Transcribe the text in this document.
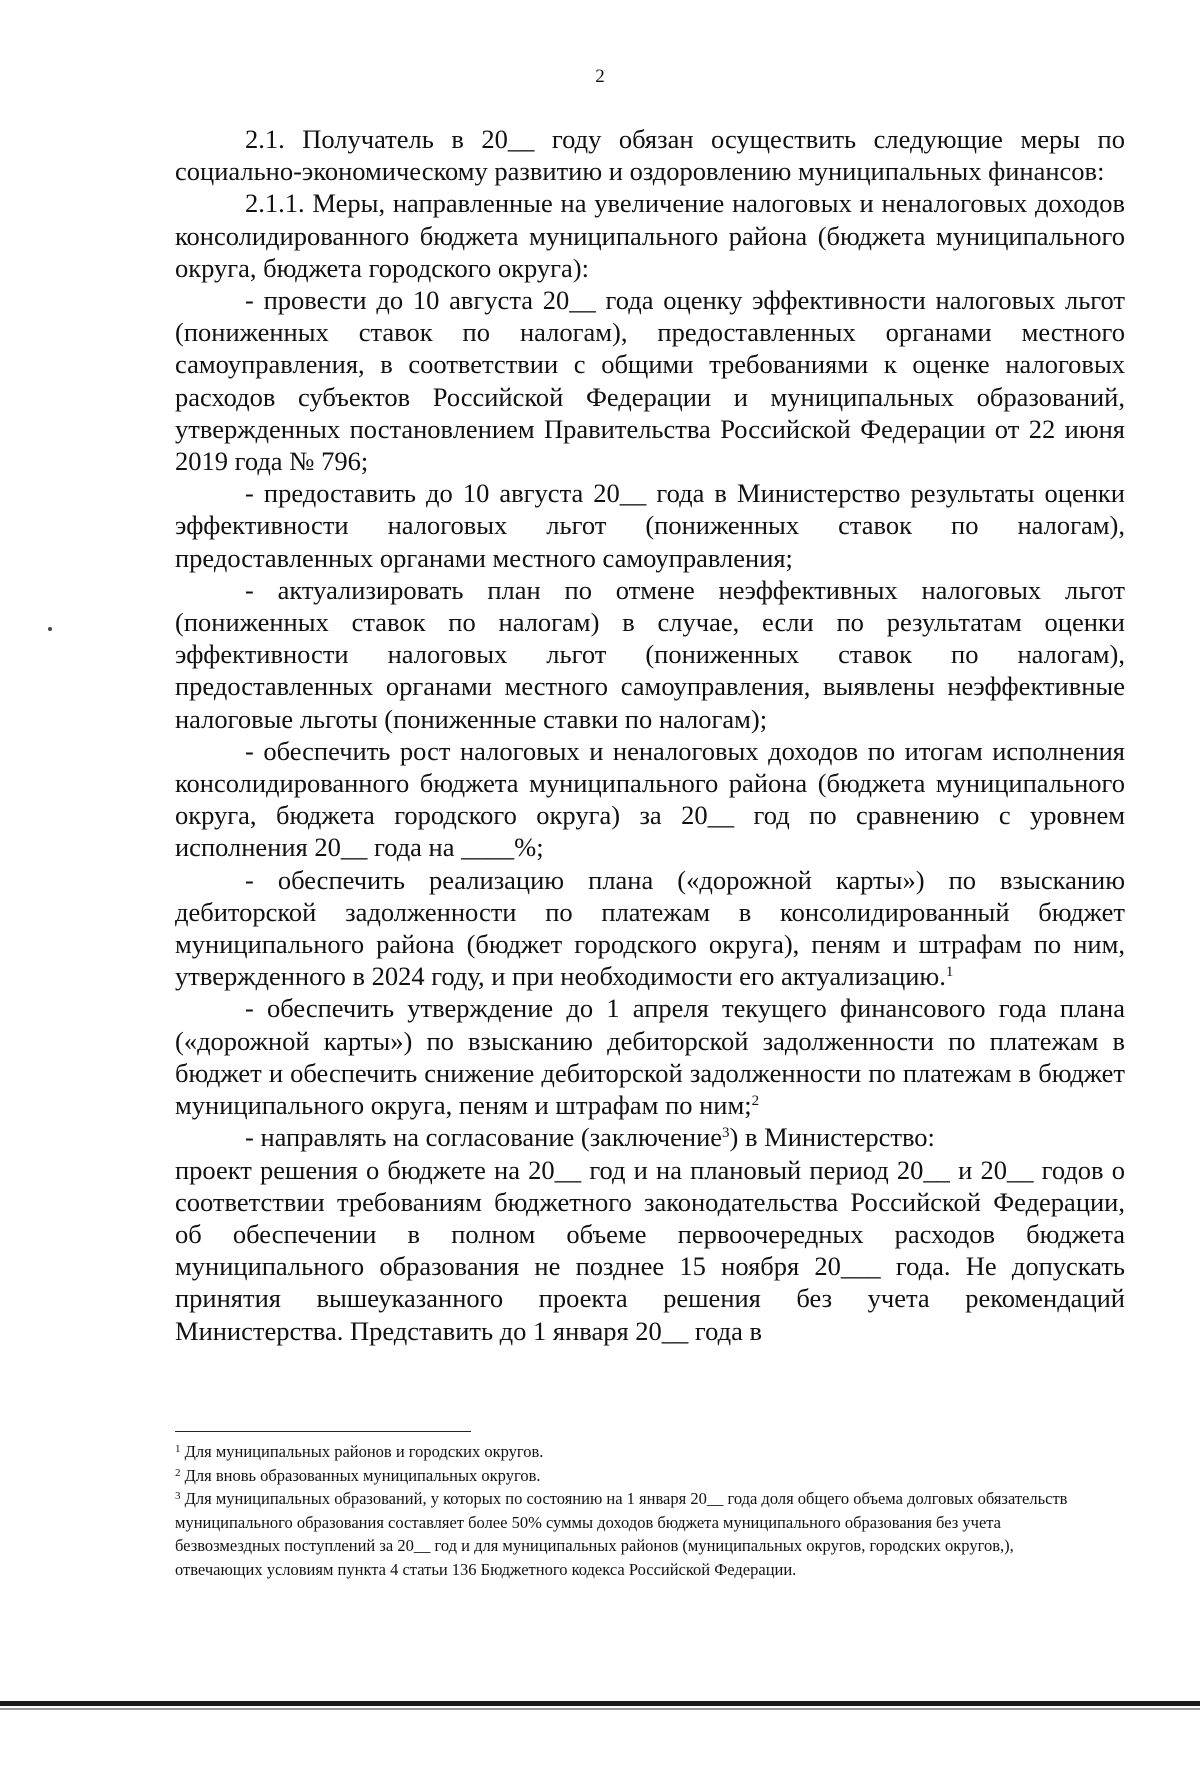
2

2.1. Получатель в 20__ году обязан осуществить следующие меры по социально-экономическому развитию и оздоровлению муниципальных финансов:

2.1.1. Меры, направленные на увеличение налоговых и неналоговых доходов консолидированного бюджета муниципального района (бюджета муниципального округа, бюджета городского округа):

- провести до 10 августа 20__ года оценку эффективности налоговых льгот (пониженных ставок по налогам), предоставленных органами местного самоуправления, в соответствии с общими требованиями к оценке налоговых расходов субъектов Российской Федерации и муниципальных образований, утвержденных постановлением Правительства Российской Федерации от 22 июня 2019 года № 796;

- предоставить до 10 августа 20__ года в Министерство результаты оценки эффективности налоговых льгот (пониженных ставок по налогам), предоставленных органами местного самоуправления;

- актуализировать план по отмене неэффективных налоговых льгот (пониженных ставок по налогам) в случае, если по результатам оценки эффективности налоговых льгот (пониженных ставок по налогам), предоставленных органами местного самоуправления, выявлены неэффективные налоговые льготы (пониженные ставки по налогам);

- обеспечить рост налоговых и неналоговых доходов по итогам исполнения консолидированного бюджета муниципального района (бюджета муниципального округа, бюджета городского округа) за 20__ год по сравнению с уровнем исполнения 20__ года на ____%;

- обеспечить реализацию плана («дорожной карты») по взысканию дебиторской задолженности по платежам в консолидированный бюджет муниципального района (бюджет городского округа), пеням и штрафам по ним, утвержденного в 2024 году, и при необходимости его актуализацию.$^1$

- обеспечить утверждение до 1 апреля текущего финансового года плана («дорожной карты») по взысканию дебиторской задолженности по платежам в бюджет и обеспечить снижение дебиторской задолженности по платежам в бюджет муниципального округа, пеням и штрафам по ним;$^2$

- направлять на согласование (заключение$^3$) в Министерство:

проект решения о бюджете на 20__ год и на плановый период 20__ и 20__ годов о соответствии требованиям бюджетного законодательства Российской Федерации, об обеспечении в полном объеме первоочередных расходов бюджета муниципального образования не позднее 15 ноября 20___ года. Не допускать принятия вышеуказанного проекта решения без учета рекомендаций Министерства. Представить до 1 января 20__ года в

$^1$ Для муниципальных районов и городских округов.

$^2$ Для вновь образованных муниципальных округов.

$^3$ Для муниципальных образований, у которых по состоянию на 1 января 20__ года доля общего объема долговых обязательств муниципального образования составляет более 50% суммы доходов бюджета муниципального образования без учета безвозмездных поступлений за 20__ год и для муниципальных районов (муниципальных округов, городских округов,), отвечающих условиям пункта 4 статьи 136 Бюджетного кодекса Российской Федерации.
